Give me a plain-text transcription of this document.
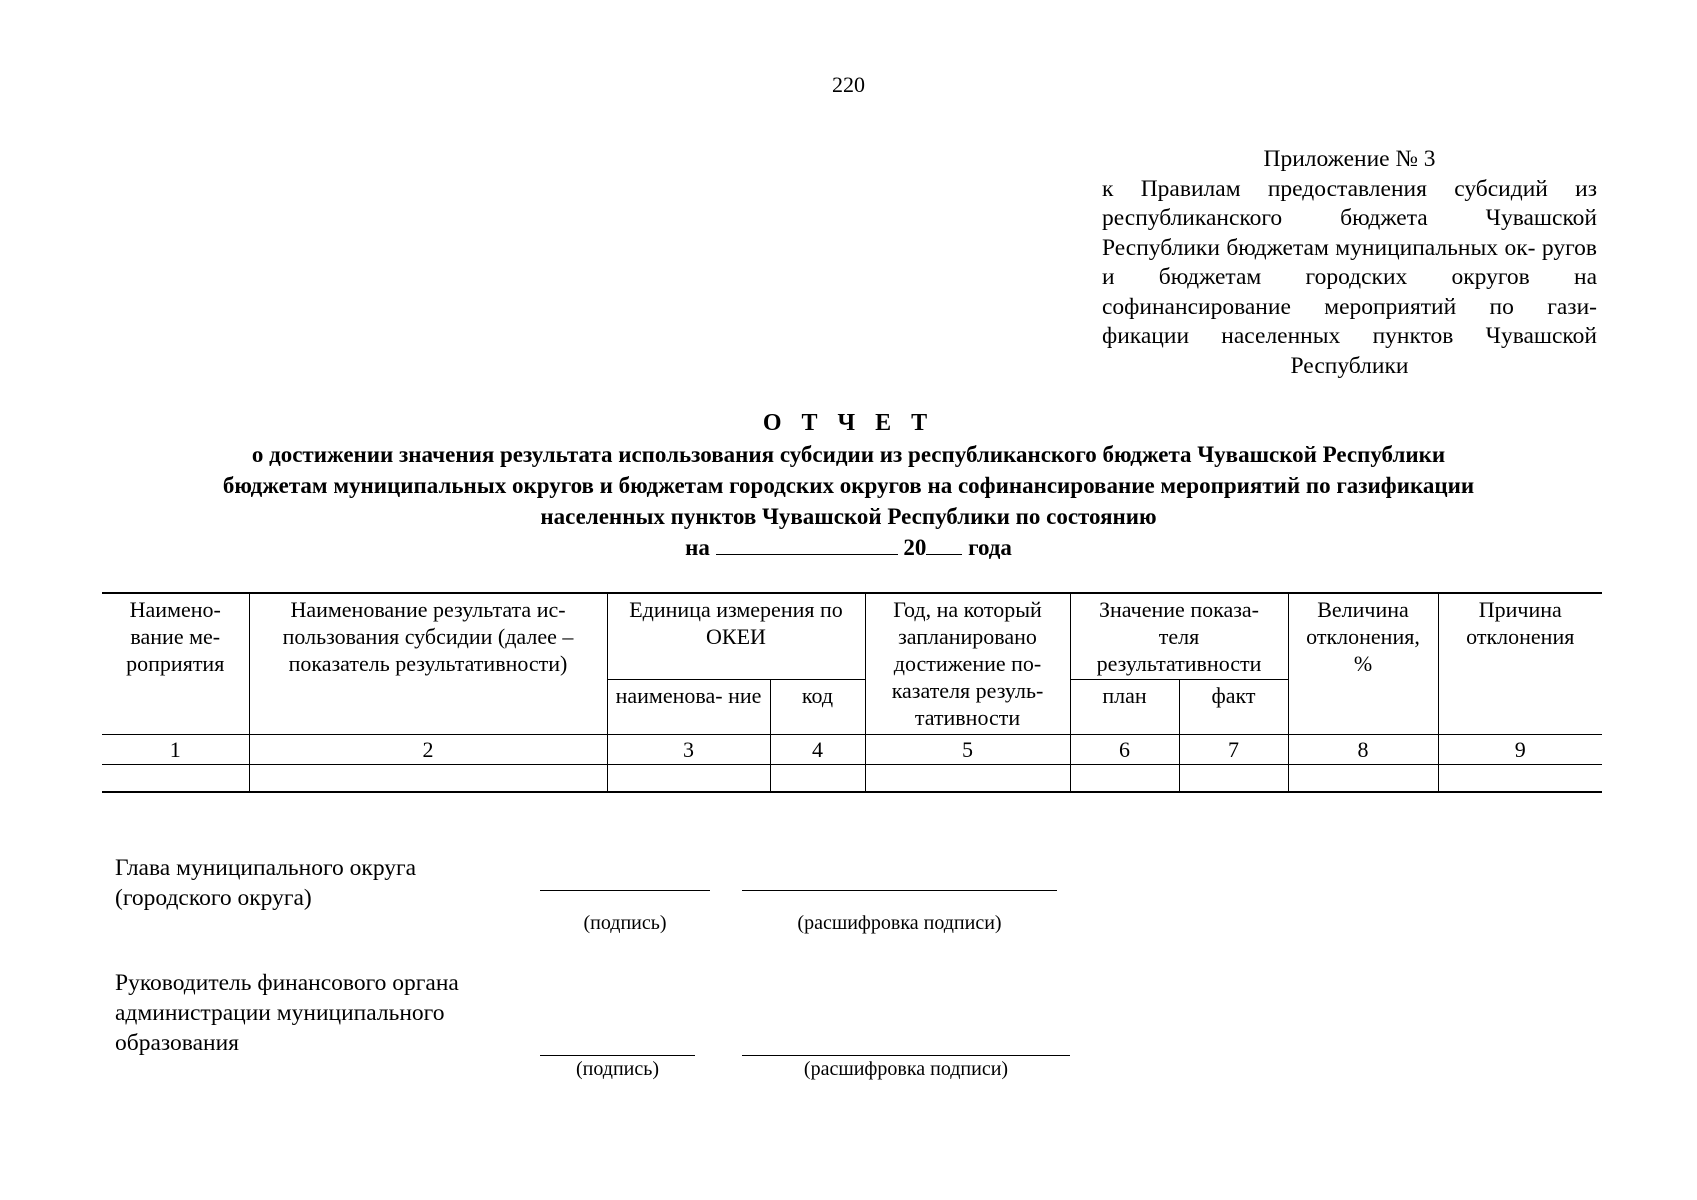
220
Приложение № 3
к Правилам предоставления субсидий из республиканского бюджета Чувашской Республики бюджетам муниципальных ок- ругов и бюджетам городских округов на софинансирование мероприятий по гази- фикации населенных пунктов Чувашской Республики
О Т Ч Е Т
о достижении значения результата использования субсидии из республиканского бюджета Чувашской Республики
бюджетам муниципальных округов и бюджетам городских округов на софинансирование мероприятий по газификации
населенных пунктов Чувашской Республики по состоянию
на	20 года
Наимено- вание ме- роприятия	Наименование результата ис- пользования субсидии (далее – показатель результативности)	Единица измерения по ОКЕИ		Год, на который запланировано достижение по- казателя резуль- тативности	Значение показа- теля результативности		Величина отклонения, %	Причина отклонения
		наименова- ние	код		план	факт		
1	2	3	4	5	6	7	8	9

Глава муниципального округа (городского округа)
(подпись)	(расшифровка подписи)
Руководитель финансового органа администрации муниципального образования
(подпись)	(расшифровка подписи)
